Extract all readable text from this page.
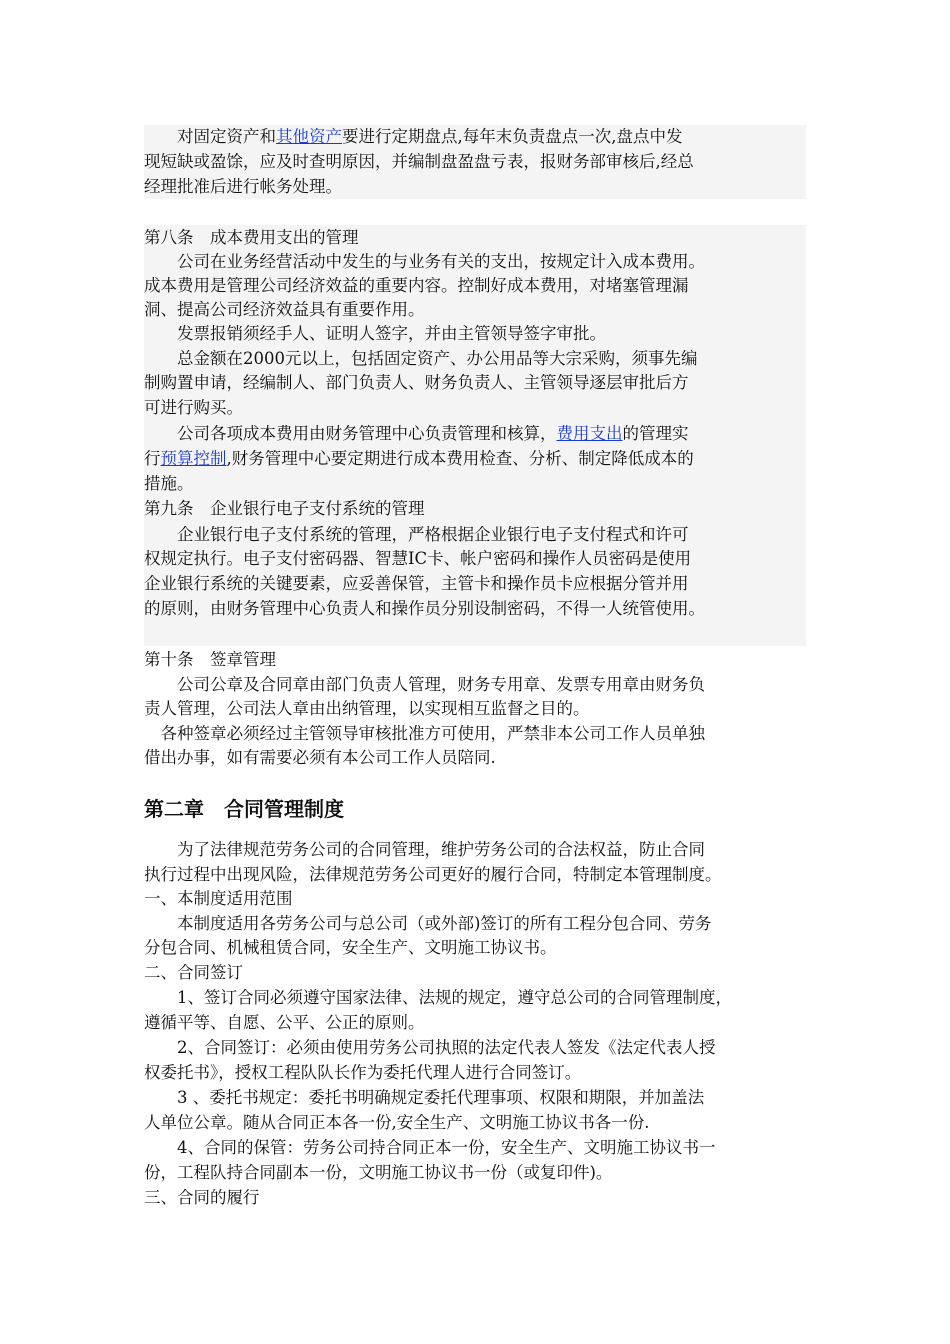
　　对固定资产和其他资产要进行定期盘点,每年末负责盘点一次,盘点中发

现短缺或盈馀，应及时查明原因，并编制盘盈盘亏表，报财务部审核后,经总

经理批准后进行帐务处理。

第八条　成本费用支出的管理

　　公司在业务经营活动中发生的与业务有关的支出，按规定计入成本费用。

成本费用是管理公司经济效益的重要内容。控制好成本费用，对堵塞管理漏

洞、提高公司经济效益具有重要作用。

　　发票报销须经手人、证明人签字，并由主管领导签字审批。

　　总金额在2000元以上，包括固定资产、办公用品等大宗采购，须事先编

制购置申请，经编制人、部门负责人、财务负责人、主管领导逐层审批后方

可进行购买。

　　公司各项成本费用由财务管理中心负责管理和核算，费用支出的管理实

行预算控制,财务管理中心要定期进行成本费用检查、分析、制定降低成本的

措施。

第九条　企业银行电子支付系统的管理

　　企业银行电子支付系统的管理，严格根据企业银行电子支付程式和许可

权规定执行。电子支付密码器、智慧IC卡、帐户密码和操作人员密码是使用

企业银行系统的关键要素，应妥善保管，主管卡和操作员卡应根据分管并用

的原则，由财务管理中心负责人和操作员分别设制密码，不得一人统管使用。

第十条　签章管理

　　公司公章及合同章由部门负责人管理，财务专用章、发票专用章由财务负

责人管理，公司法人章由出纳管理，以实现相互监督之目的。

　各种签章必须经过主管领导审核批准方可使用，严禁非本公司工作人员单独

借出办事，如有需要必须有本公司工作人员陪同.

　　为了法律规范劳务公司的合同管理，维护劳务公司的合法权益，防止合同

执行过程中出现风险，法律规范劳务公司更好的履行合同，特制定本管理制度。

一、本制度适用范围

　　本制度适用各劳务公司与总公司（或外部)签订的所有工程分包合同、劳务

分包合同、机械租赁合同，安全生产、文明施工协议书。

二、合同签订

　　1、签订合同必须遵守国家法律、法规的规定，遵守总公司的合同管理制度，

遵循平等、自愿、公平、公正的原则。

　　2、合同签订：必须由使用劳务公司执照的法定代表人签发《法定代表人授

权委托书》，授权工程队队长作为委托代理人进行合同签订。

　　3 、委托书规定：委托书明确规定委托代理事项、权限和期限，并加盖法

人单位公章。随从合同正本各一份,安全生产、文明施工协议书各一份.

　　4、合同的保管：劳务公司持合同正本一份，安全生产、文明施工协议书一

份，工程队持合同副本一份，文明施工协议书一份（或复印件)。

三、合同的履行

第二章　合同管理制度
